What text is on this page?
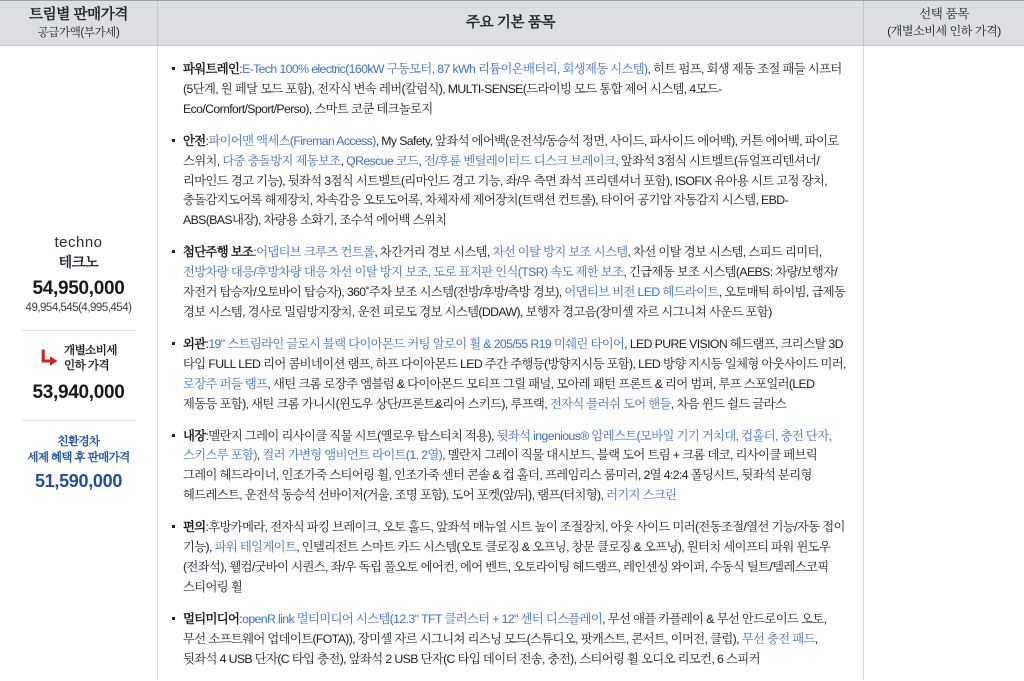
트림별 판매가격
공급가액(부가세)
주요 기본 품목
선택 품목
(개별소비세 인하 가격)
techno
테크노
54,950,000
49,954,545(4,995,454)
개별소비세
인하 가격
53,940,000
친환경차
세제 혜택 후 판매가격
51,590,000
파워트레인:E-Tech 100% electric(160kW 구동모터, 87 kWh 리튬이온배터리, 회생제동 시스템), 히트 펌프, 회생 제동 조절 패들 시프터(5단계, 원 페달 모드 포함), 전자식 변속 레버(칼럼식), MULTI-SENSE(드라이빙 모드 통합 제어 시스템, 4모드-Eco/Comfort/Sport/Perso), 스마트 코쿤 테크놀로지
안전:파이어맨 액세스(Fireman Access), My Safety, 앞좌석 에어백(운전석/동승석 정면, 사이드, 파사이드 에어백), 커튼 에어백, 파이로 스위치, 다중 충돌방지 제동보조, QRescue 코드, 전/후륜 벤틸레이티드 디스크 브레이크, 앞좌석 3점식 시트벨트(듀얼프리텐셔너/리마인드 경고 기능), 뒷좌석 3점식 시트벨트(리마인드 경고 기능, 좌/우 측면 좌석 프리텐셔너 포함), ISOFIX 유아용 시트 고정 장치, 충돌감지도어록 해제장치, 차속감응 오토도어록, 차체자세 제어장치(트랙션 컨트롤), 타이어 공기압 자동감지 시스템, EBD-ABS(BAS내장), 차량용 소화기, 조수석 에어백 스위치
첨단주행 보조:어댑티브 크루즈 컨트롤, 차간거리 경보 시스템, 차선 이탈 방지 보조 시스템, 차선 이탈 경보 시스템, 스피드 리미터, 전방차량 대응/후방차량 대응 차선 이탈 방지 보조, 도로 표지판 인식(TSR) 속도 제한 보조, 긴급제동 보조 시스템(AEBS: 차량/보행자/자전거 탑승자/오토바이 탑승자), 360˚주차 보조 시스템(전방/후방/측방 경보), 어댑티브 비전 LED 헤드라이트, 오토매틱 하이빔, 급제동 경보 시스템, 경사로 밀림방지장치, 운전 피로도 경보 시스템(DDAW), 보행자 경고음(장미셸 자르 시그니쳐 사운드 포함)
외관:19" 스트림라인 글로시 블랙 다이아몬드 커팅 알로이 휠 & 205/55 R19 미쉐린 타이어, LED PURE VISION 헤드램프, 크리스탈 3D 타입 FULL LED 리어 콤비네이션 램프, 하프 다이아몬드 LED 주간 주행등(방향지시등 포함), LED 방향 지시등 일체형 아웃사이드 미러, 로장주 퍼들 램프, 새틴 크롬 로장주 엠블럼 & 다이아몬드 모티프 그릴 패널, 모아레 패턴 프론트 & 리어 범퍼, 루프 스포일러(LED 제동등 포함), 새틴 크롬 가니시(윈도우 상단/프론트&리어 스키드), 루프랙, 전자식 플러쉬 도어 핸들, 차음 윈드 쉴드 글라스
내장:멜란지 그레이 리사이클 직물 시트(옐로우 탑스티치 적용), 뒷좌석 ingenious® 암레스트(모바일 기기 거치대, 컵홀더, 충전 단자, 스키스루 포함), 컬러 가변형 앰비언트 라이트(1, 2열), 멜란지 그레이 직물 대시보드, 블랙 도어 트림 + 크롬 데코, 리사이클 페브릭 그레이 헤드라이너, 인조가죽 스티어링 휠, 인조가죽 센터 콘솔 & 컵 홀더, 프레임리스 룸미러, 2열 4:2:4 폴딩시트, 뒷좌석 분리형 헤드레스트, 운전석 동승석 선바이저(거울, 조명 포함), 도어 포켓(앞/뒤), 램프(터치형), 러기지 스크린
편의:후방카메라, 전자식 파킹 브레이크, 오토 홀드, 앞좌석 매뉴얼 시트 높이 조절장치, 아웃 사이드 미러(전동조절/열선 기능/자동 접이 기능), 파워 테일게이트, 인텔리전트 스마트 카드 시스템(오토 클로징 & 오프닝, 창문 클로징 & 오프닝), 원터치 세이프티 파워 윈도우(전좌석), 웰컴/굿바이 시퀀스, 좌/우 독립 풀오토 에어컨, 에어 벤트, 오토라이팅 헤드램프, 레인센싱 와이퍼, 수동식 틸트/텔레스코픽 스티어링 휠
멀티미디어:openR link 멀티미디어 시스템(12.3" TFT 클러스터 + 12" 센터 디스플레이, 무선 애플 카플레이 & 무선 안드로이드 오토, 무선 소프트웨어 업데이트(FOTA)), 장미셸 자르 시그니쳐 리스닝 모드(스튜디오, 팟캐스트, 콘서트, 이머전, 클럽), 무선 충전 패드, 뒷좌석 4 USB 단자(C 타입 충전), 앞좌석 2 USB 단자(C 타입 데이터 전송, 충전), 스티어링 휠 오디오 리모컨, 6 스피커
